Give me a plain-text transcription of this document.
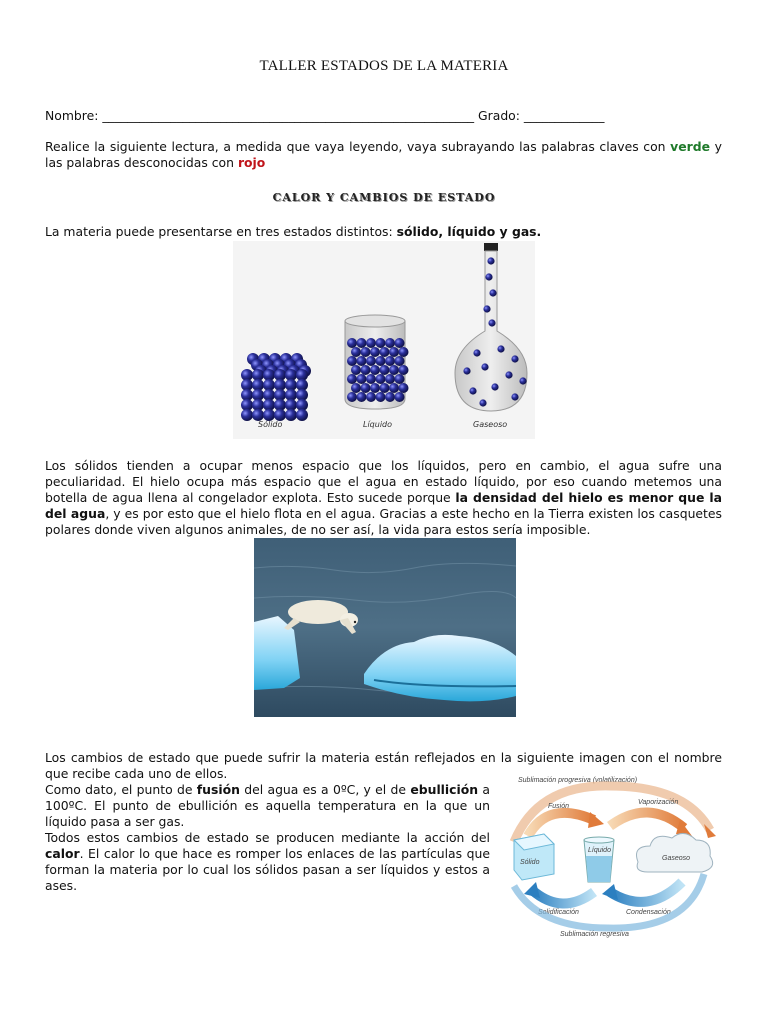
TALLER ESTADOS DE LA MATERIA
Nombre: ____________________________________________________________ Grado: _____________
Realice la siguiente lectura, a medida que vaya leyendo, vaya subrayando las palabras claves con verde y las palabras desconocidas con rojo
CALOR Y CAMBIOS DE ESTADO
La materia puede presentarse en tres estados distintos: sólido, líquido y gas.
Sólido	Líquido	Gaseoso
Los sólidos tienden a ocupar menos espacio que los líquidos, pero en cambio, el agua sufre una peculiaridad. El hielo ocupa más espacio que el agua en estado líquido, por eso cuando metemos una botella de agua llena al congelador explota. Esto sucede porque la densidad del hielo es menor que la del agua, y es por esto que el hielo flota en el agua. Gracias a este hecho en la Tierra existen los casquetes polares donde viven algunos animales, de no ser así, la vida para estos sería imposible.
Los cambios de estado que puede sufrir la materia están reflejados en la siguiente imagen con el nombre que recibe cada uno de ellos.
Como dato, el punto de fusión del agua es a 0ºC, y el de ebullición a 100ºC. El punto de ebullición es aquella temperatura en la que un líquido pasa a ser gas.
Todos estos cambios de estado se producen mediante la acción del calor. El calor lo que hace es romper los enlaces de las partículas que forman la materia por lo cual los sólidos pasan a ser líquidos y estos a ases.
Sublimación progresiva (volatilización)
Fusión
Vaporización
Sólido
Líquido
Gaseoso
Solidificación	Condensación
Sublimación regresiva
